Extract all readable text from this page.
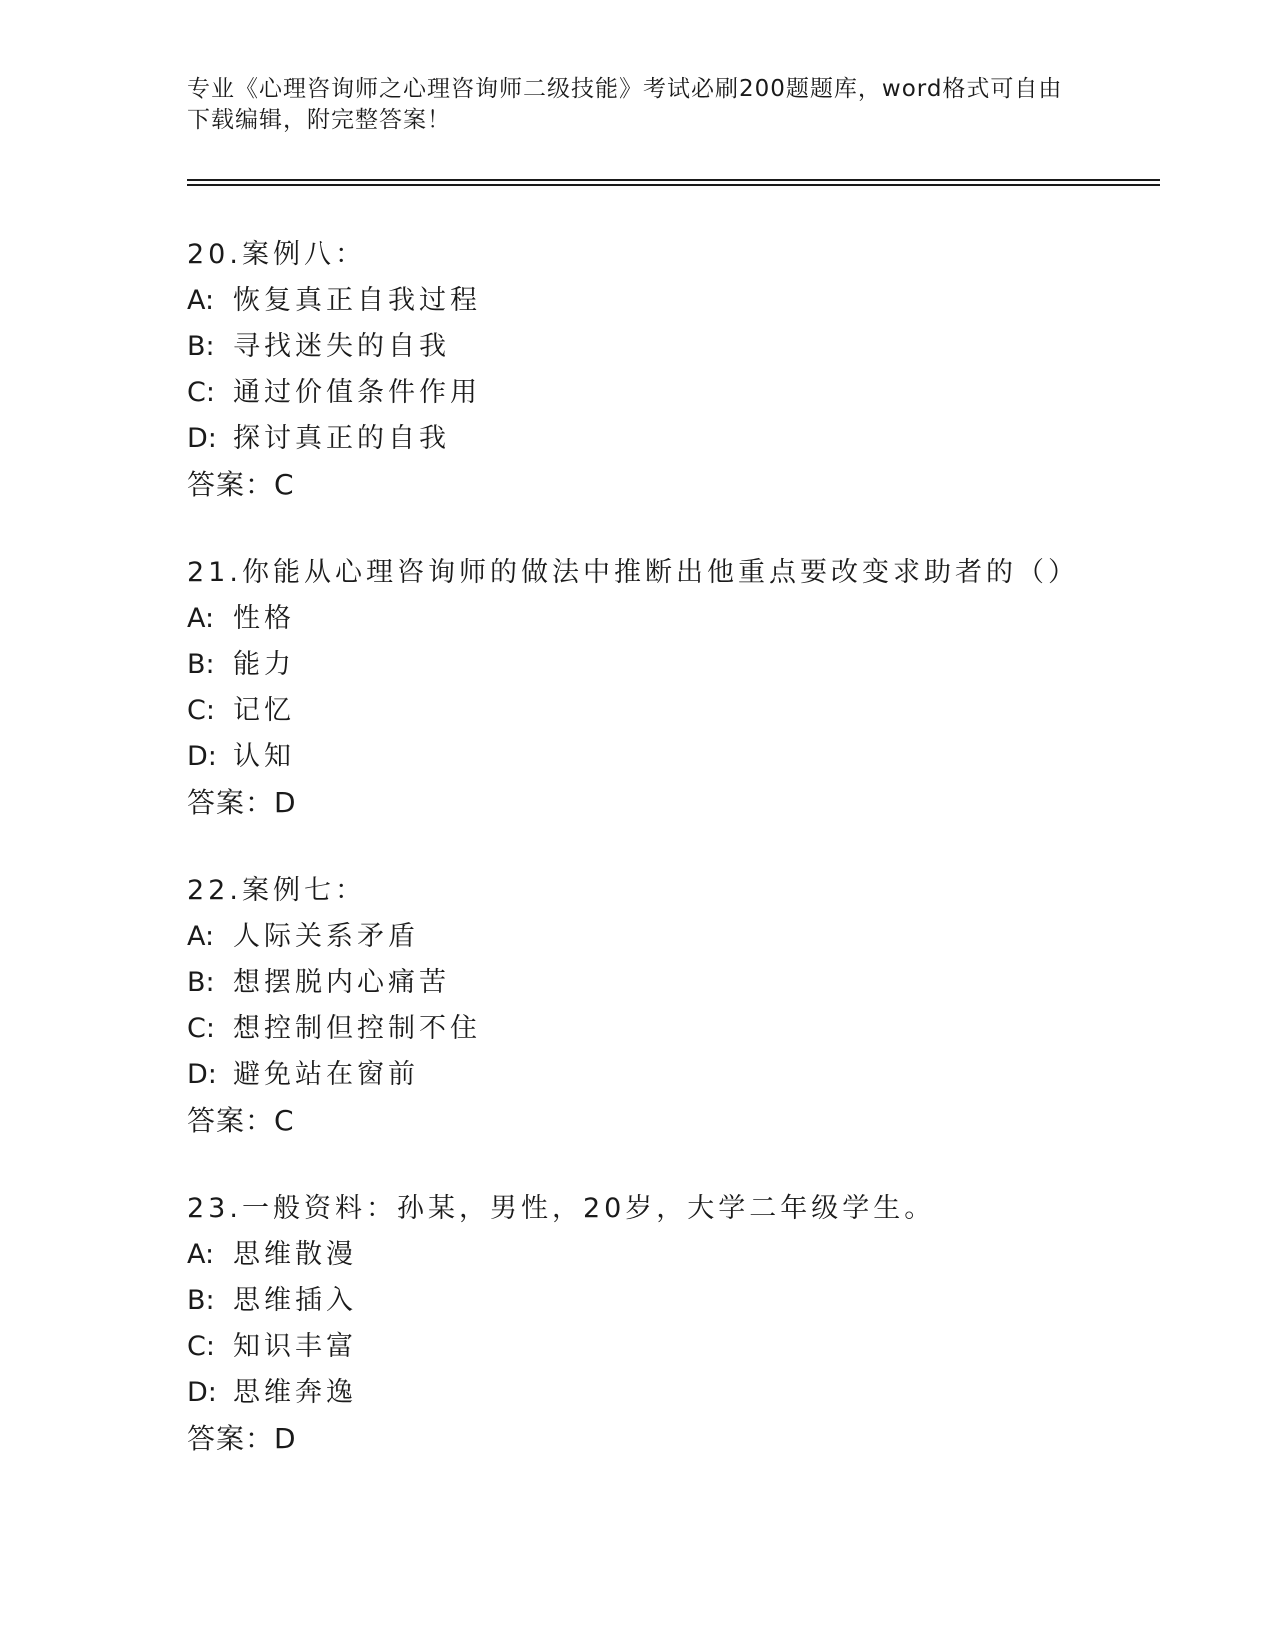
专业《心理咨询师之心理咨询师二级技能》考试必刷200题题库，word格式可自由下载编辑，附完整答案！
20.案例八：
A: 恢复真正自我过程
B: 寻找迷失的自我
C: 通过价值条件作用
D: 探讨真正的自我
答案：C
21.你能从心理咨询师的做法中推断出他重点要改变求助者的（）
A: 性格
B: 能力
C: 记忆
D: 认知
答案：D
22.案例七：
A: 人际关系矛盾
B: 想摆脱内心痛苦
C: 想控制但控制不住
D: 避免站在窗前
答案：C
23.一般资料：孙某，男性，20岁，大学二年级学生。
A: 思维散漫
B: 思维插入
C: 知识丰富
D: 思维奔逸
答案：D
